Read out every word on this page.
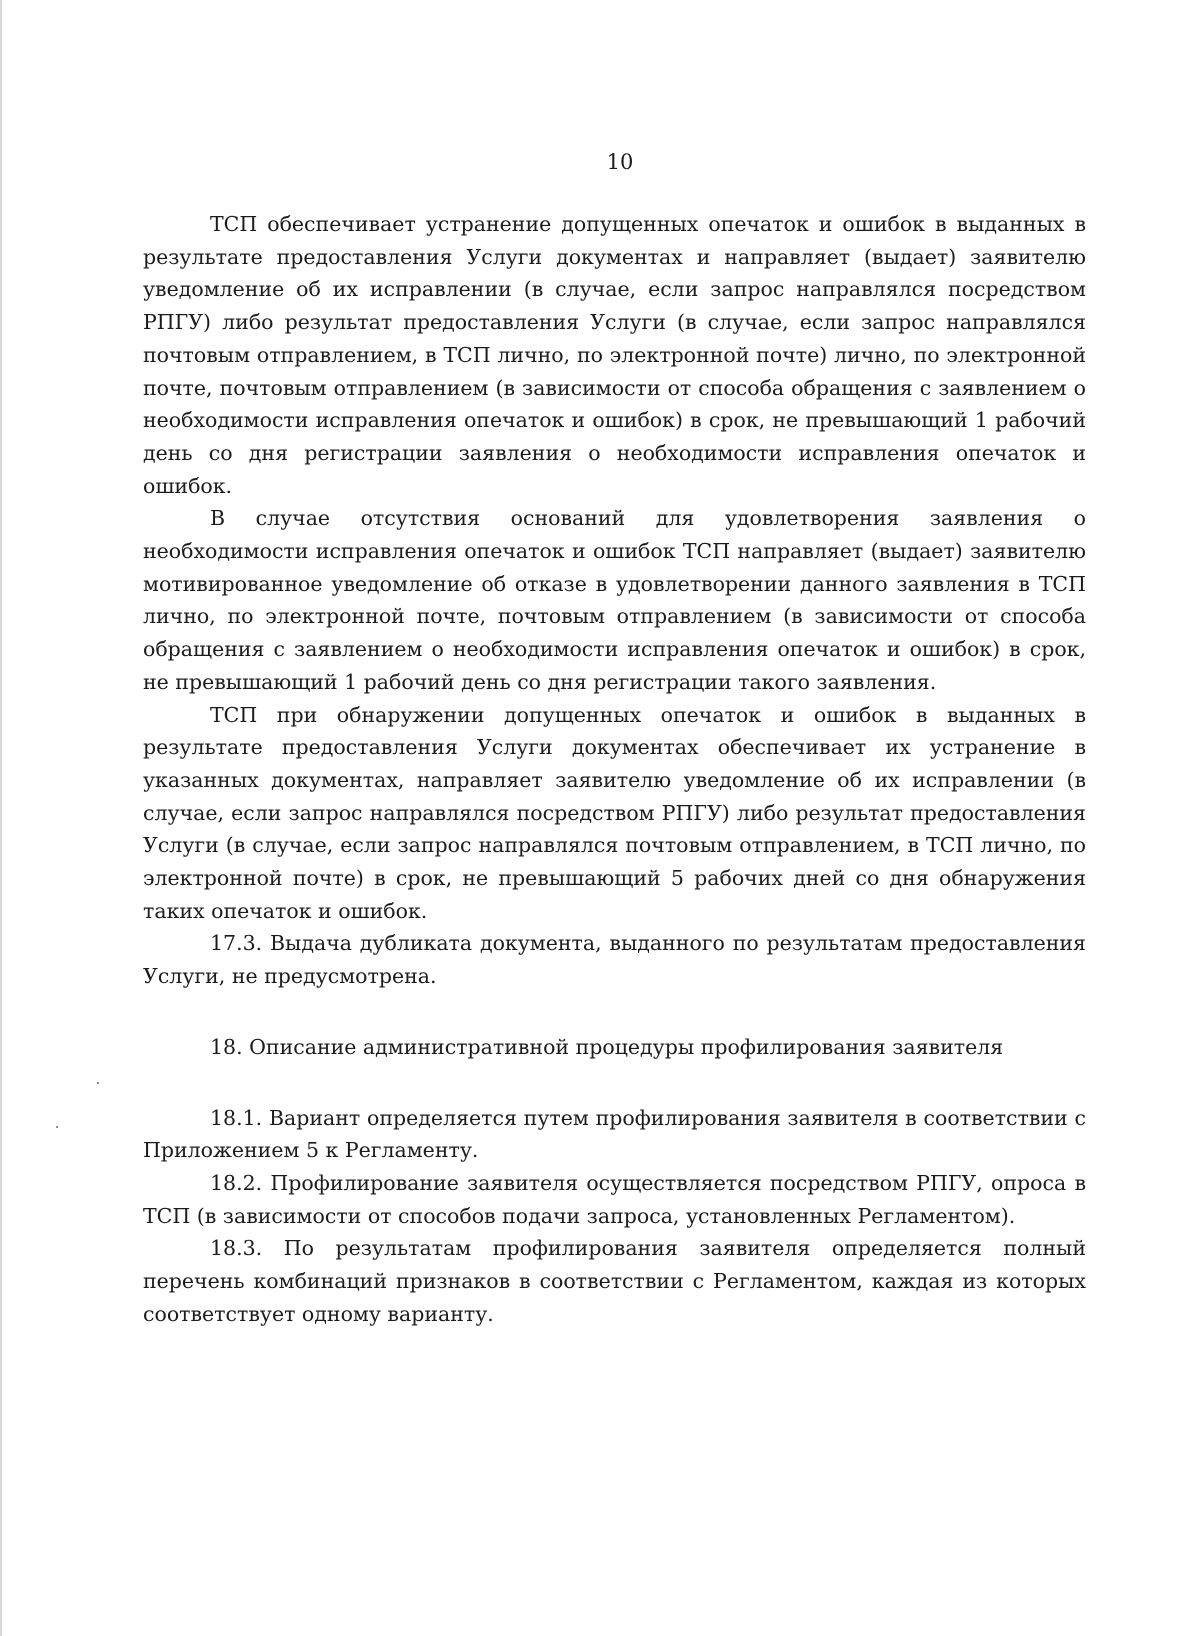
10

ТСП обеспечивает устранение допущенных опечаток и ошибок в выданных в результате предоставления Услуги документах и направляет (выдает) заявителю уведомление об их исправлении (в случае, если запрос направлялся посредством РПГУ) либо результат предоставления Услуги (в случае, если запрос направлялся почтовым отправлением, в ТСП лично, по электронной почте) лично, по электронной почте, почтовым отправлением (в зависимости от способа обращения с заявлением о необходимости исправления опечаток и ошибок) в срок, не превышающий 1 рабочий день со дня регистрации заявления о необходимости исправления опечаток и ошибок.

В случае отсутствия оснований для удовлетворения заявления о необходимости исправления опечаток и ошибок ТСП направляет (выдает) заявителю мотивированное уведомление об отказе в удовлетворении данного заявления в ТСП лично, по электронной почте, почтовым отправлением (в зависимости от способа обращения с заявлением о необходимости исправления опечаток и ошибок) в срок, не превышающий 1 рабочий день со дня регистрации такого заявления.

ТСП при обнаружении допущенных опечаток и ошибок в выданных в результате предоставления Услуги документах обеспечивает их устранение в указанных документах, направляет заявителю уведомление об их исправлении (в случае, если запрос направлялся посредством РПГУ) либо результат предоставления Услуги (в случае, если запрос направлялся почтовым отправлением, в ТСП лично, по электронной почте) в срок, не превышающий 5 рабочих дней со дня обнаружения таких опечаток и ошибок.

17.3. Выдача дубликата документа, выданного по результатам предоставления Услуги, не предусмотрена.

18. Описание административной процедуры профилирования заявителя

18.1. Вариант определяется путем профилирования заявителя в соответствии с Приложением 5 к Регламенту.

18.2. Профилирование заявителя осуществляется посредством РПГУ, опроса в ТСП (в зависимости от способов подачи запроса, установленных Регламентом).

18.3. По результатам профилирования заявителя определяется полный перечень комбинаций признаков в соответствии с Регламентом, каждая из которых соответствует одному варианту.
